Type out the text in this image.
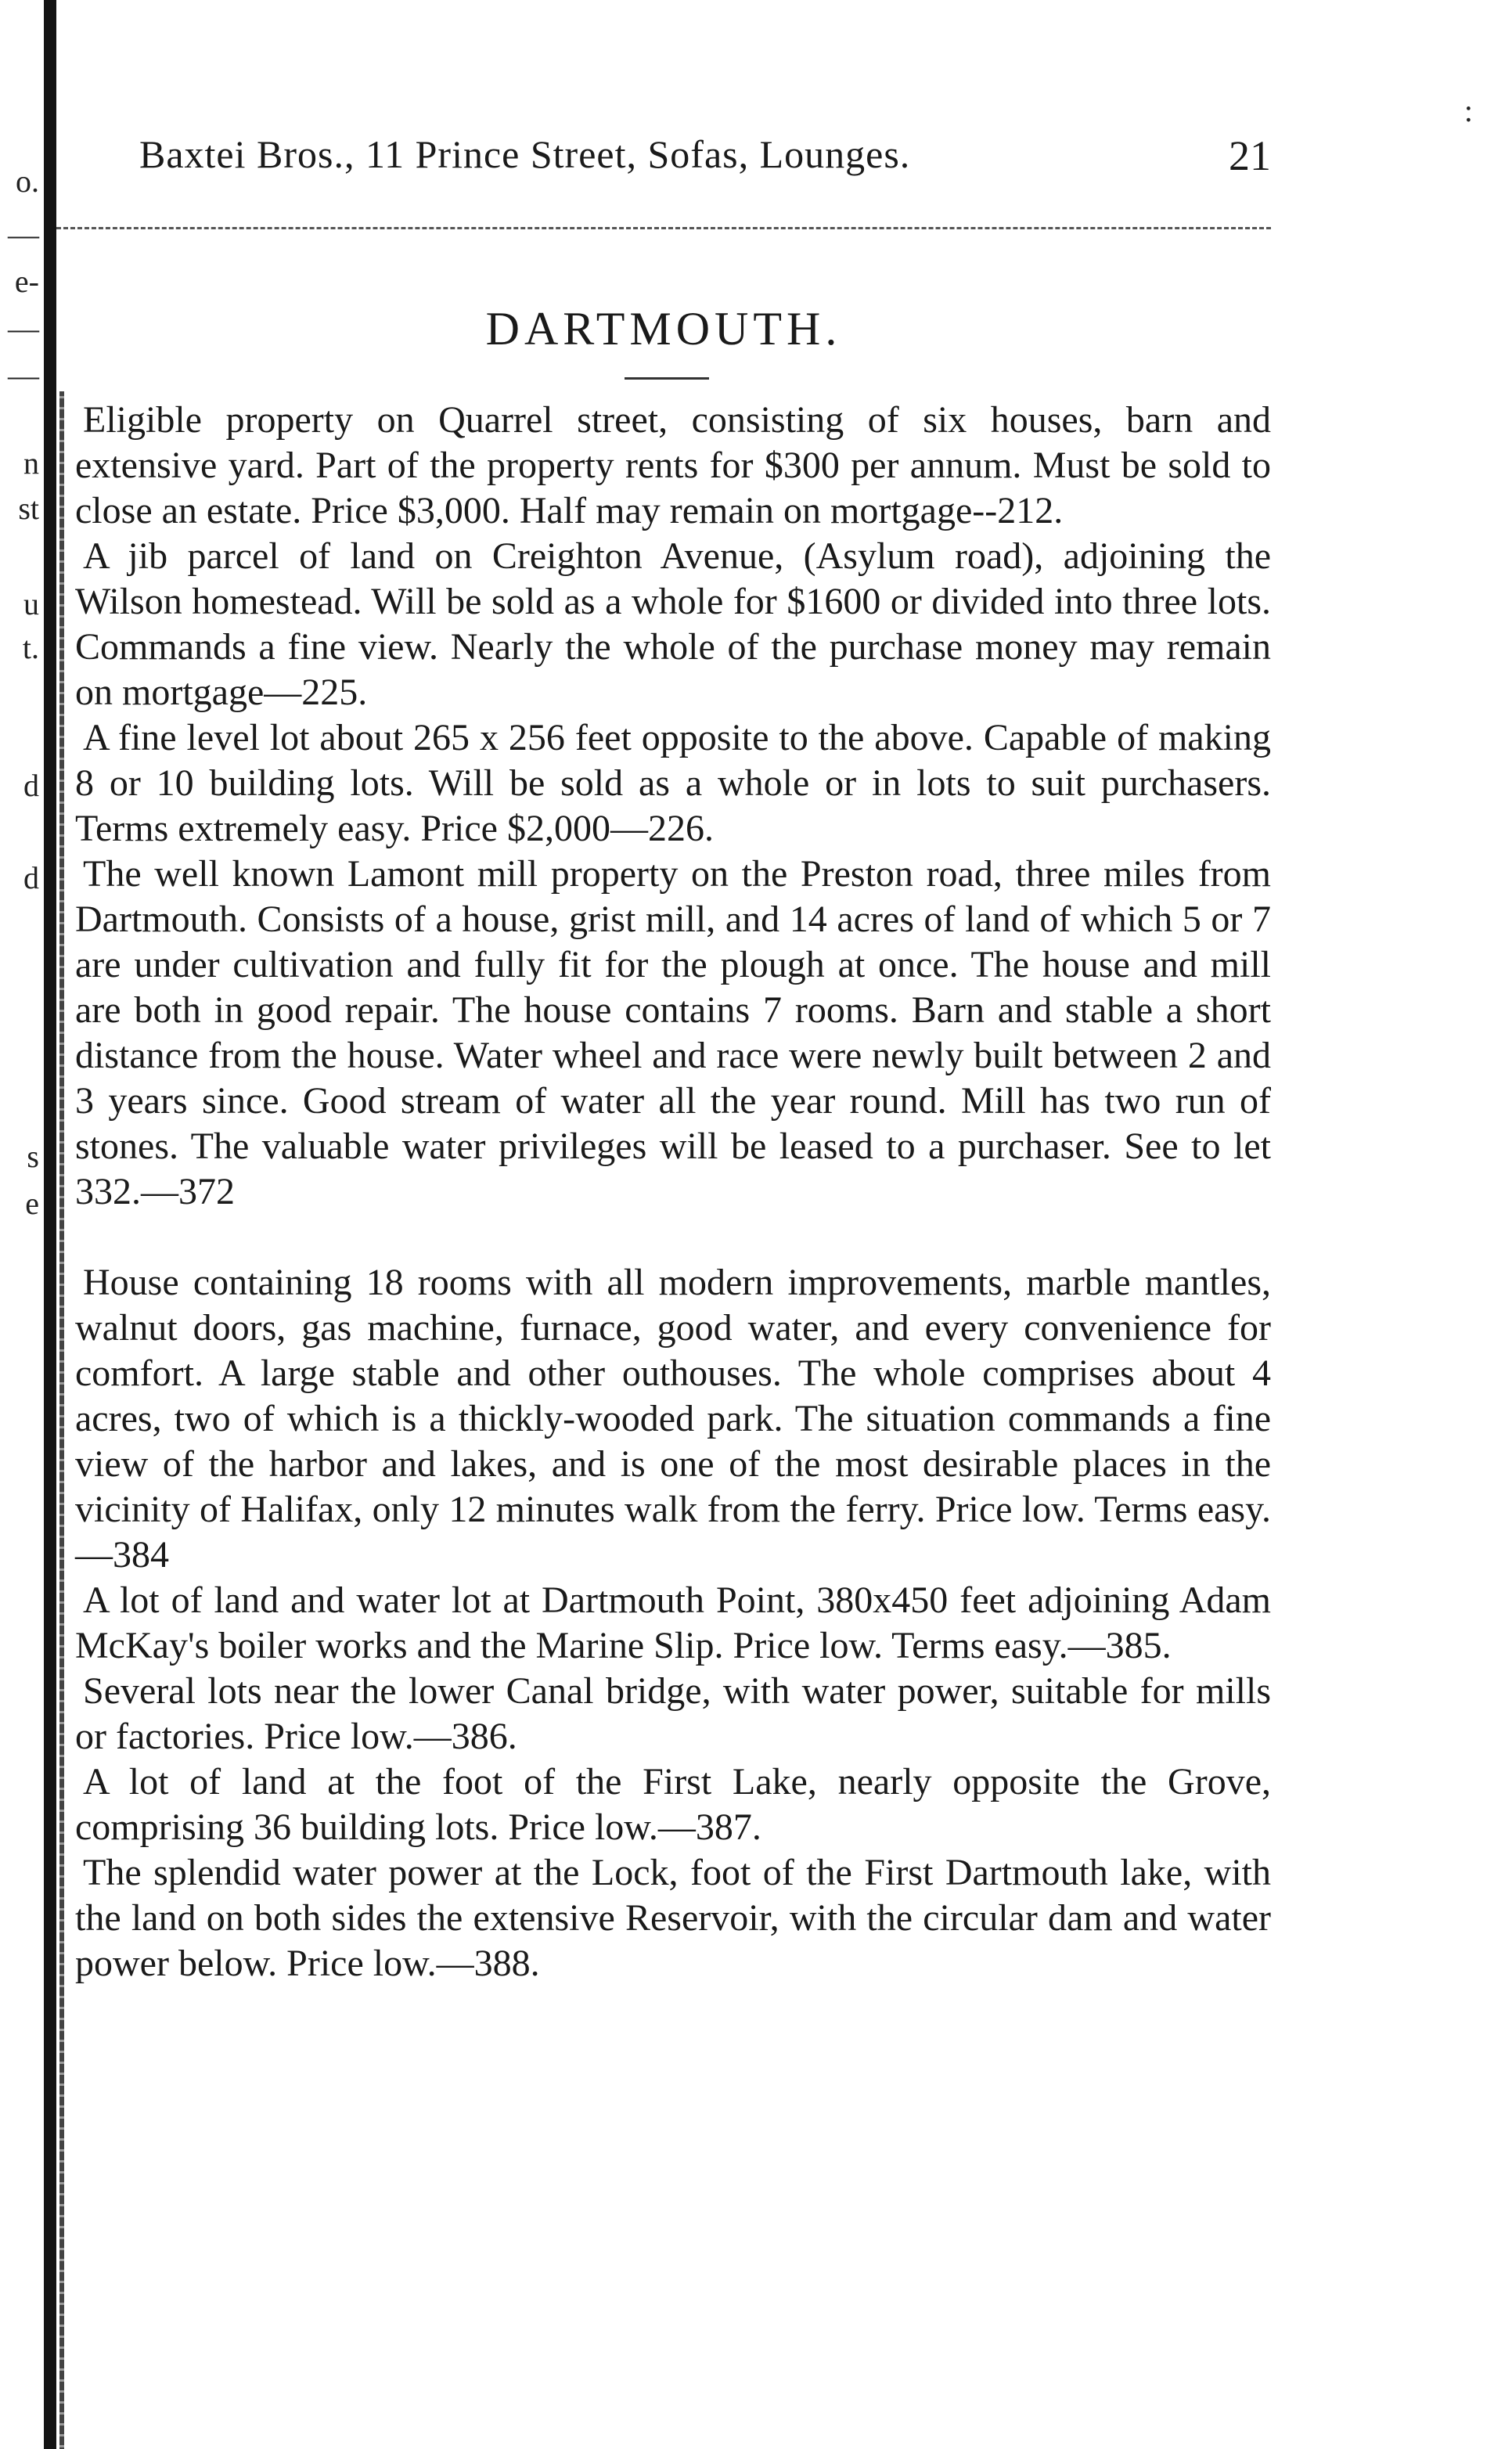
o.
—
e-
—
—
n
st
u
t.
d
d
s
e
:
Baxtei Bros., 11 Prince Street, Sofas, Lounges.	21
DARTMOUTH.

Eligible property on Quarrel street, consisting of six houses, barn and extensive yard. Part of the property rents for $300 per annum. Must be sold to close an estate. Price $3,000. Half may remain on mortgage--212.

A jib parcel of land on Creighton Avenue, (Asylum road), adjoining the Wilson homestead. Will be sold as a whole for $1600 or divided into three lots. Commands a fine view. Nearly the whole of the purchase money may remain on mortgage—225.

A fine level lot about 265 x 256 feet opposite to the above. Capable of making 8 or 10 building lots. Will be sold as a whole or in lots to suit purchasers. Terms extremely easy. Price $2,000—226.

The well known Lamont mill property on the Preston road, three miles from Dartmouth. Consists of a house, grist mill, and 14 acres of land of which 5 or 7 are under cultivation and fully fit for the plough at once. The house and mill are both in good repair. The house contains 7 rooms. Barn and stable a short distance from the house. Water wheel and race were newly built between 2 and 3 years since. Good stream of water all the year round. Mill has two run of stones. The valuable water privileges will be leased to a purchaser. See to let 332.—372

House containing 18 rooms with all modern improvements, marble mantles, walnut doors, gas machine, furnace, good water, and every convenience for comfort. A large stable and other outhouses. The whole comprises about 4 acres, two of which is a thickly-wooded park. The situation commands a fine view of the harbor and lakes, and is one of the most desirable places in the vicinity of Halifax, only 12 minutes walk from the ferry. Price low. Terms easy.—384

A lot of land and water lot at Dartmouth Point, 380x450 feet adjoining Adam McKay's boiler works and the Marine Slip. Price low. Terms easy.—385.

Several lots near the lower Canal bridge, with water power, suitable for mills or factories. Price low.—386.

A lot of land at the foot of the First Lake, nearly opposite the Grove, comprising 36 building lots. Price low.—387.

The splendid water power at the Lock, foot of the First Dartmouth lake, with the land on both sides the extensive Reservoir, with the circular dam and water power below. Price low.—388.
